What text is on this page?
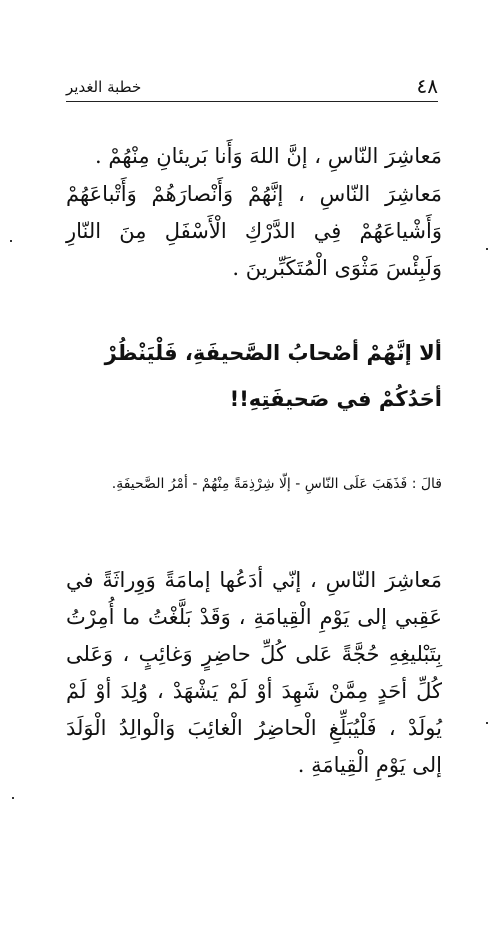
٤٨
خطبة الغدير

مَعاشِرَ النّاسِ ، إنَّ اللهَ وَأَنا بَريئانِ مِنْهُمْ .

مَعاشِرَ النّاسِ ، إنَّهُمْ وَأَنْصارَهُمْ وَأَتْباعَهُمْ وَأَشْياعَهُمْ فِي الدَّرْكِ الْأَسْفَلِ مِنَ النّارِ وَلَبِئْسَ مَثْوَى الْمُتَكَبِّرينَ .

ألا إنَّهُمْ أصْحابُ الصَّحيفَةِ، فَلْيَنْظُرْ أحَدُكُمْ في صَحيفَتِهِ!!

قالَ : فَذَهَبَ عَلَى النّاسِ - إلّا شِرْذِمَةً مِنْهُمْ - أمْرُ الصَّحيفَةِ.

مَعاشِرَ النّاسِ ، إنّي أدَعُها إمامَةً وَوِراثَةً في عَقِبي إلى يَوْمِ الْقِيامَةِ ، وَقَدْ بَلَّغْتُ ما أُمِرْتُ بِتَبْليغِهِ حُجَّةً عَلى كُلِّ حاضِرٍ وَغائِبٍ ، وَعَلى كُلِّ أحَدٍ مِمَّنْ شَهِدَ أوْ لَمْ يَشْهَدْ ، وُلِدَ أوْ لَمْ يُولَدْ ، فَلْيُبَلِّغِ الْحاضِرُ الْغائِبَ وَالْوالِدُ الْوَلَدَ إلى يَوْمِ الْقِيامَةِ .
